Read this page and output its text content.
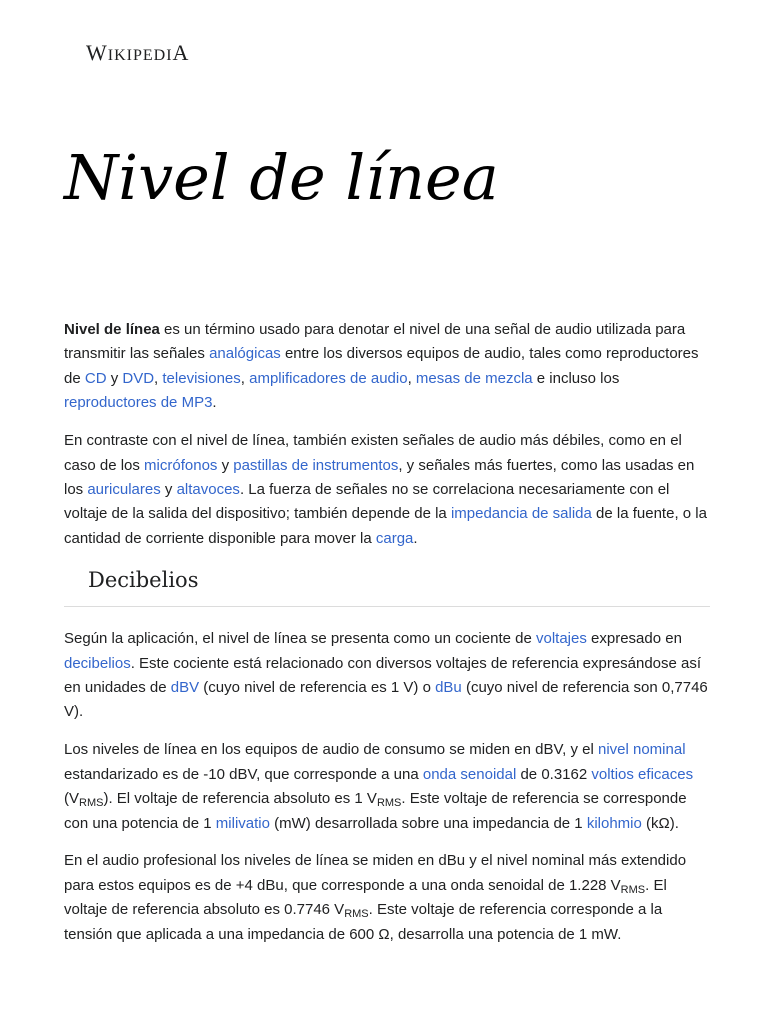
WIKIPEDIA
Nivel de línea

Nivel de línea es un término usado para denotar el nivel de una señal de audio utilizada para transmitir las señales analógicas entre los diversos equipos de audio, tales como reproductores de CD y DVD, televisiones, amplificadores de audio, mesas de mezcla e incluso los reproductores de MP3.

En contraste con el nivel de línea, también existen señales de audio más débiles, como en el caso de los micrófonos y pastillas de instrumentos, y señales más fuertes, como las usadas en los auriculares y altavoces. La fuerza de señales no se correlaciona necesariamente con el voltaje de la salida del dispositivo; también depende de la impedancia de salida de la fuente, o la cantidad de corriente disponible para mover la carga.

Decibelios

Según la aplicación, el nivel de línea se presenta como un cociente de voltajes expresado en decibelios. Este cociente está relacionado con diversos voltajes de referencia expresándose así en unidades de dBV (cuyo nivel de referencia es 1 V) o dBu (cuyo nivel de referencia son 0,7746 V).

Los niveles de línea en los equipos de audio de consumo se miden en dBV, y el nivel nominal estandarizado es de -10 dBV, que corresponde a una onda senoidal de 0.3162 voltios eficaces $(V_{RMS})$. El voltaje de referencia absoluto es 1 $V_{RMS}$. Este voltaje de referencia se corresponde con una potencia de 1 milivatio (mW) desarrollada sobre una impedancia de 1 kilohmio (kΩ).

En el audio profesional los niveles de línea se miden en dBu y el nivel nominal más extendido para estos equipos es de +4 dBu, que corresponde a una onda senoidal de 1.228 $V_{RMS}$. El voltaje de referencia absoluto es 0.7746 $V_{RMS}$. Este voltaje de referencia corresponde a la tensión que aplicada a una impedancia de 600 Ω, desarrolla una potencia de 1 mW.
